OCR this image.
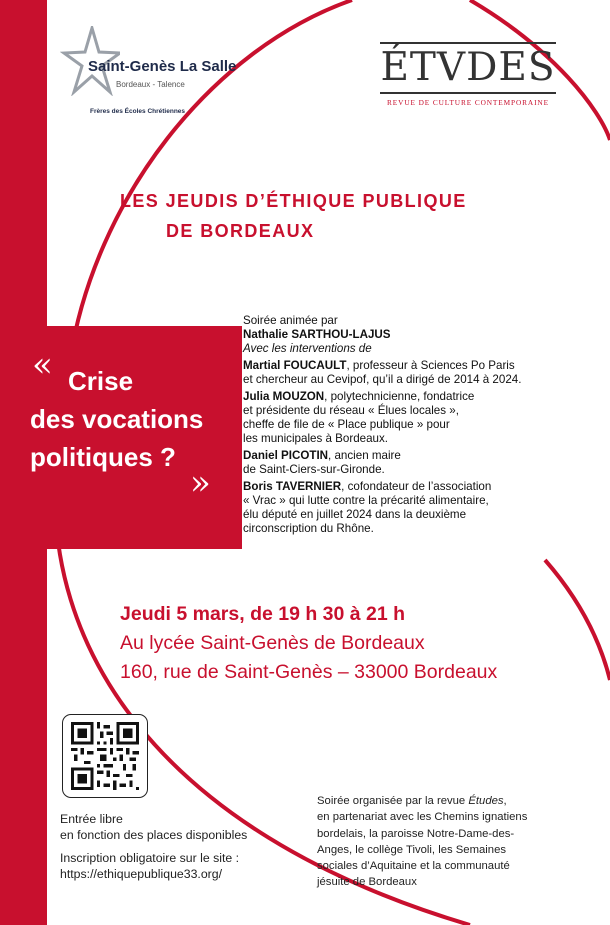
Saint-Genès La Salle
Bordeaux - Talence
Frères des Écoles Chrétiennes
ÉTVDES
REVUE DE CULTURE CONTEMPORAINE
LES JEUDIS D’ÉTHIQUE PUBLIQUE
DE BORDEAUX
« Crise
des vocations
politiques ?
»

Soirée animée par

Nathalie SARTHOU-LAJUS

Avec les interventions de

Martial FOUCAULT, professeur à Sciences Po Paris

et chercheur au Cevipof, qu’il a dirigé de 2014 à 2024.

Julia MOUZON, polytechnicienne, fondatrice

et présidente du réseau « Élues locales »,

cheffe de file de « Place publique » pour

les municipales à Bordeaux.

Daniel PICOTIN, ancien maire

de Saint-Ciers-sur-Gironde.

Boris TAVERNIER, cofondateur de l’association

« Vrac » qui lutte contre la précarité alimentaire,

élu député en juillet 2024 dans la deuxième

circonscription du Rhône.

Jeudi 5 mars, de 19 h 30 à 21 h
Au lycée Saint-Genès de Bordeaux
160, rue de Saint-Genès – 33000 Bordeaux
Entrée libre
en fonction des places disponibles
Inscription obligatoire sur le site :
https://ethiquepublique33.org/
Soirée organisée par la revue Études,
en partenariat avec les Chemins ignatiens
bordelais, la paroisse Notre-Dame-des-
Anges, le collège Tivoli, les Semaines
sociales d’Aquitaine et la communauté
jésuite de Bordeaux
